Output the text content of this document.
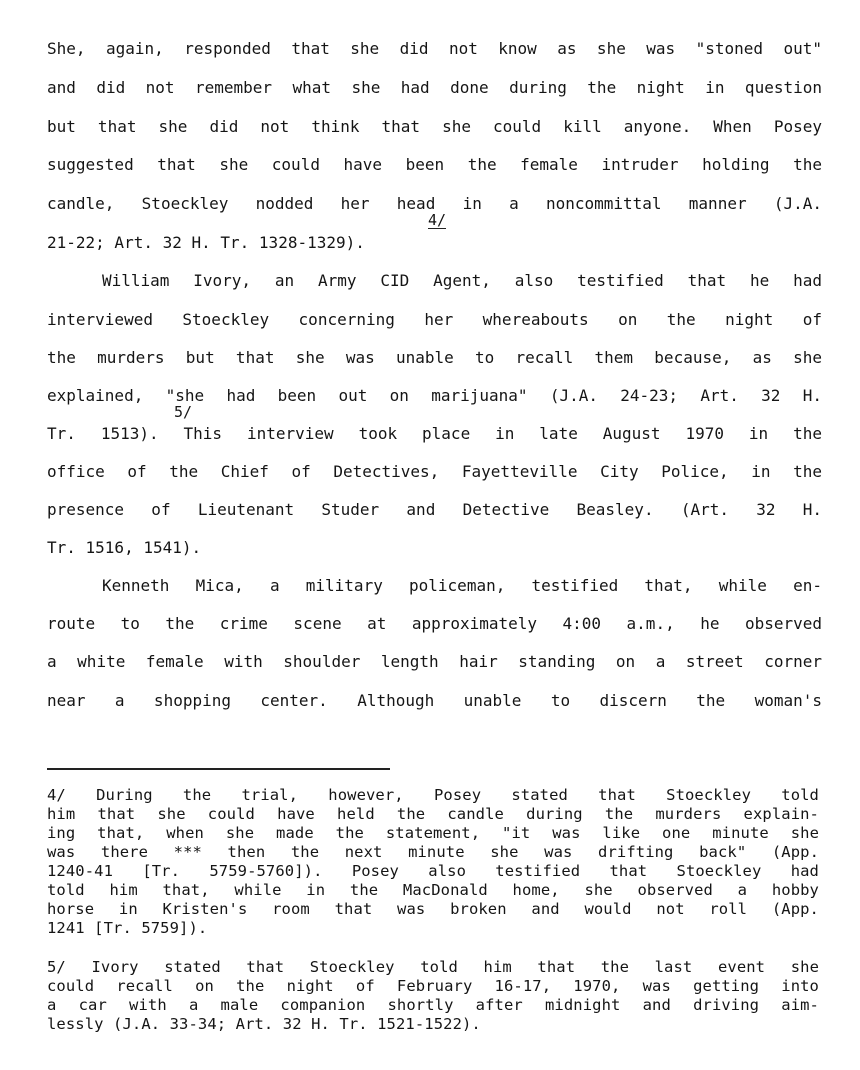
She, again, responded that she did not know as she was "stoned out"
and did not remember what she had done during the night in question
but that she did not think that she could kill anyone. When Posey
suggested that she could have been the female intruder holding the
candle, Stoeckley nodded her head in a noncommittal manner (J.A.
21-22; Art. 32 H. Tr. 1328-1329).
4/
William Ivory, an Army CID Agent, also testified that he had
interviewed Stoeckley concerning her whereabouts on the night of
the murders but that she was unable to recall them because, as she
explained, "she had been out on marijuana" (J.A. 24-23; Art. 32 H.
5/
Tr. 1513). This interview took place in late August 1970 in the
office of the Chief of Detectives, Fayetteville City Police, in the
presence of Lieutenant Studer and Detective Beasley. (Art. 32 H.
Tr. 1516, 1541).
Kenneth Mica, a military policeman, testified that, while en-
route to the crime scene at approximately 4:00 a.m., he observed
a white female with shoulder length hair standing on a street corner
near a shopping center. Although unable to discern the woman's
4/ During the trial, however, Posey stated that Stoeckley told
him that she could have held the candle during the murders explain-
ing that, when she made the statement, "it was like one minute she
was there *** then the next minute she was drifting back" (App.
1240-41 [Tr. 5759-5760]). Posey also testified that Stoeckley had
told him that, while in the MacDonald home, she observed a hobby
horse in Kristen's room that was broken and would not roll (App.
1241 [Tr. 5759]).
5/ Ivory stated that Stoeckley told him that the last event she
could recall on the night of February 16-17, 1970, was getting into
a car with a male companion shortly after midnight and driving aim-
lessly (J.A. 33-34; Art. 32 H. Tr. 1521-1522).
